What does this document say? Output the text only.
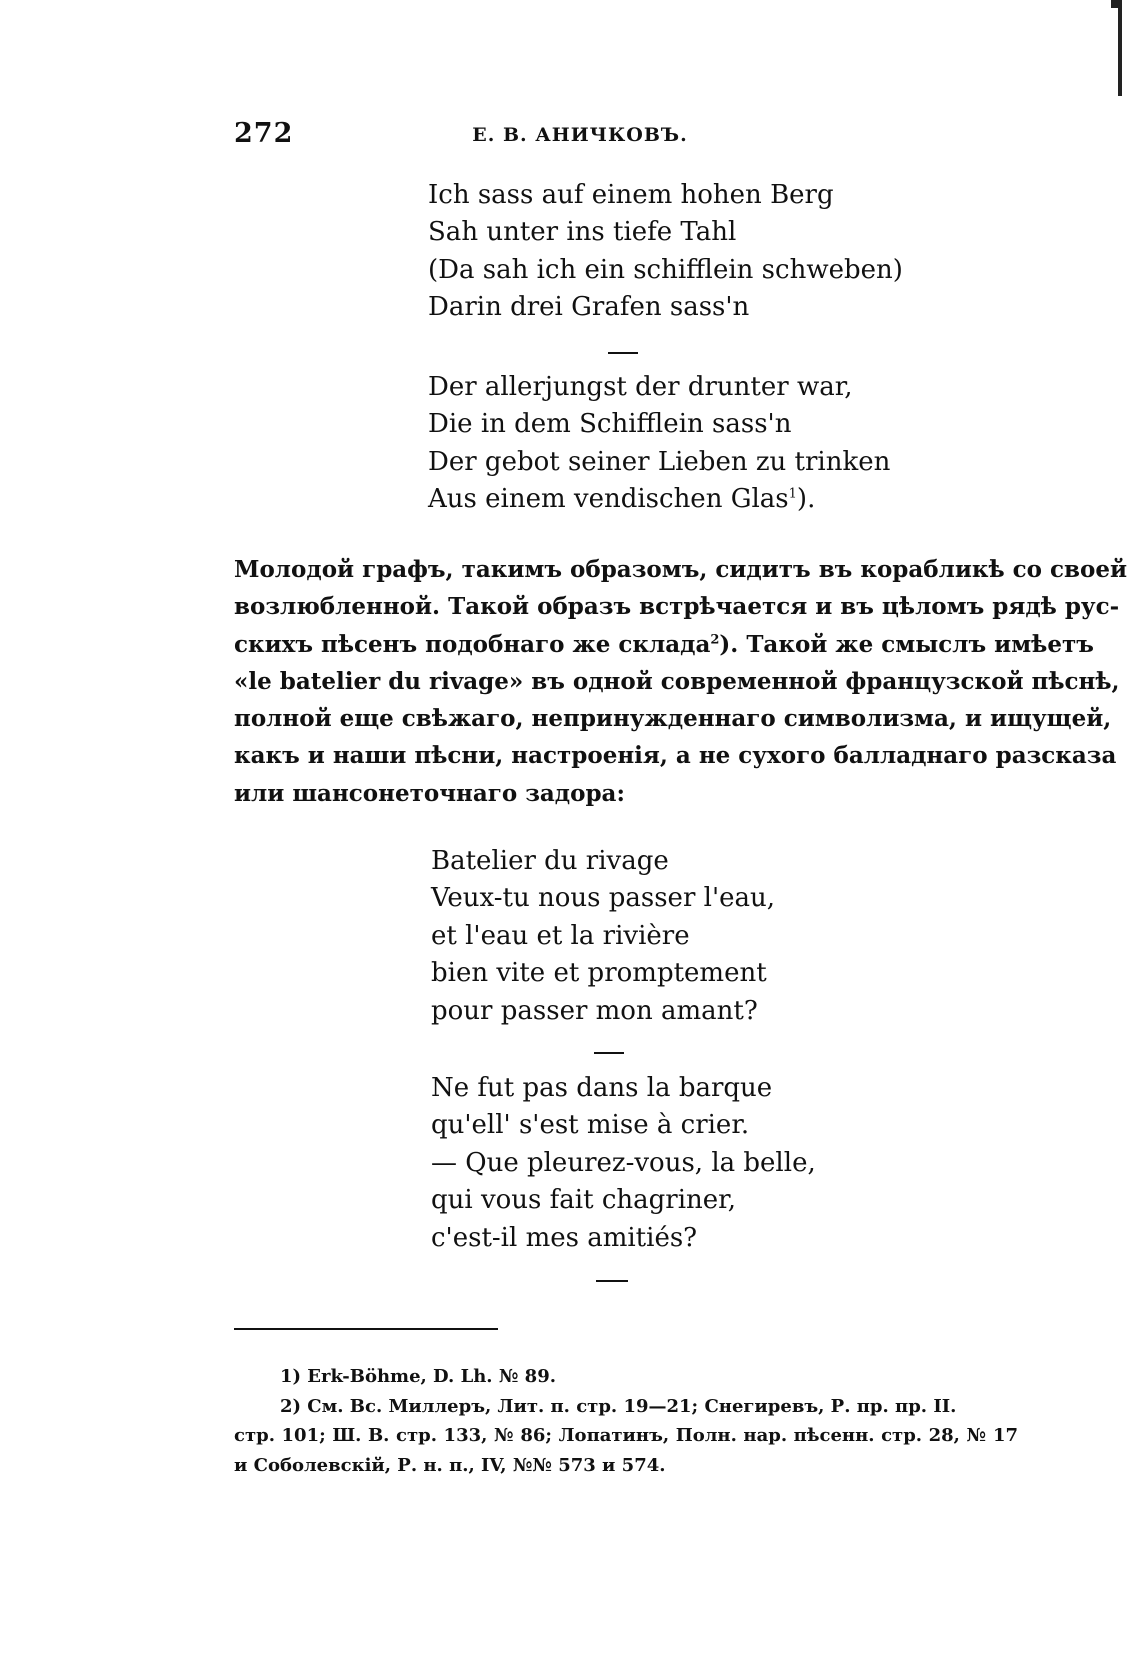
272	Е. В. АНИЧКОВЪ.
Ich sass auf einem hohen Berg
Sah unter ins tiefe Tahl
(Da sah ich ein schifflein schweben)
Darin drei Grafen sass'n
Der allerjungst der drunter war,
Die in dem Schifflein sass'n
Der gebot seiner Lieben zu trinken
Aus einem vendischen Glas$^1$).
Молодой графъ, такимъ образомъ, сидитъ въ корабликѣ со своей
возлюбленной. Такой образъ встрѣчается и въ цѣломъ рядѣ рус-
скихъ пѣсенъ подобнаго же склада$^2$). Такой же смыслъ имѣетъ
«le batelier du rivage» въ одной современной французской пѣснѣ,
полной еще свѣжаго, непринужденнаго символизма, и ищущей,
какъ и наши пѣсни, настроенія, а не сухого балладнаго разсказа
или шансонеточнаго задора:
Batelier du rivage
Veux-tu nous passer l'eau,
et l'eau et la rivière
bien vite et promptement
pour passer mon amant?
Ne fut pas dans la barque
qu'ell' s'est mise à crier.
— Que pleurez-vous, la belle,
qui vous fait chagriner,
c'est-il mes amitiés?
1) Erk-Böhme, D. Lh. № 89.
2) См. Вс. Миллеръ, Лит. п. стр. 19—21; Снегиревъ, Р. пр. пр. II.
стр. 101; Ш. В. стр. 133, № 86; Лопатинъ, Полн. нар. пѣсенн. стр. 28, № 17
и Соболевскій, Р. н. п., IV, №№ 573 и 574.
